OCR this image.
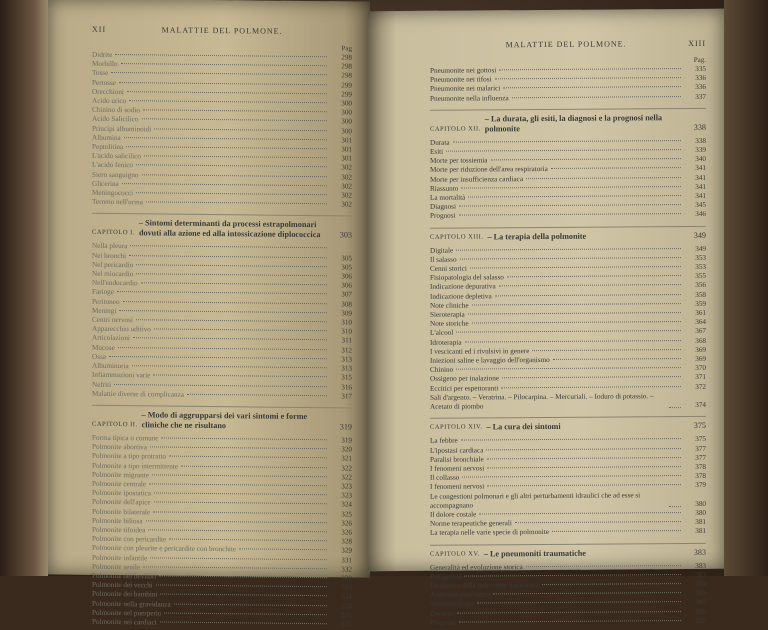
XII	MALATTIE DEL POLMONE.
Pag
Didrite	298
Morbillo	298
Tosse	298
Pertosse	299
Orecchioni	299
Acido urico	300
Chinino di sodio	300
Acido Salicilico	300
Principi albuminoidi	300
Albumina	301
Peptolitina	301
L'acido salicilico	301
L'acido fenico	302
Siero sanguigno	302
Glicerina	302
Meningococci	302
Terreno nell'urina	302
CAPITOLO I.
– Sintomi determinanti da processi estrapolmonari dovuti alla azione ed alla intossicazione diplococcica	303
Nella pleura
Nei bronchi	305
Nel pericardio	305
Nel miocardio	306
Nell'endocardio	306
Faringe	307
Peritoneo	308
Meningi	309
Centri nervosi	310
Apparecchio uditivo	310
Articolazioni	311
Mucose	312
Ossa	313
Albuminuria	313
Infiammazioni varie	315
Nefriti	316
Malattie diverse di complicanza	317
CAPITOLO II.
– Modo di aggrupparsi dei vari sintomi e forme cliniche che ne risultano	319
Forma tipica o comune	319
Polmonite abortiva	320
Polmonite a tipo protratto	321
Polmonite a tipo intermittente	322
Polmonite migrante	322
Polmonite centrale	323
Polmonite ipostatica	323
Polmonite dell'apice	324
Polmonite bilaterale	325
Polmonite biliosa	326
Polmonite tifoidea	326
Polmonite con pericardite	328
Polmonite con pleurite e pericardite con bronchite	329
Polmonite infantile	331
Polmonite senile	332
Polmonite dei bevitori	332
Polmonite dei vecchi	333
Polmonite dei bambini	334
Polmonite nella gravidanza	334
Polmonite nel puerperio	335
Polmonite nei cardiaci	335
MALATTIE DEL POLMONE.	XIII
Pag.
Pneumonite nei gottosi	335
Pneumonite nei tifosi	336
Pneumonite nei malarici	336
Pneumonite nella influenza	337
CAPITOLO XII.
– La durata, gli esiti, la diagnosi e la prognosi nella polmonite	338
Durata	338
Esiti	339
Morte per tossiemia	340
Morte per riduzione dell'area respiratoria	341
Morte per insufficienza cardiaca	341
Riassunto	341
La mortalità	341
Diagnosi	345
Prognosi	346
CAPITOLO XIII. – La terapia della polmonite	349
Digitale	349
Il salasso	353
Cenni storici	353
Fisiopatologia del salasso	355
Indicazione depurativa	356
Indicazione depletiva	358
Note cliniche	359
Sieroterapia	361
Note storiche	364
L'alcool	367
Idroterapia	368
I vescicanti ed i rivulsivi in genere	369
Iniezioni saline e lavaggio dell'organismo	369
Chinino	370
Ossigeno per inalazione	371
Eccitici per espettoranti	372
Sali d'argento. – Veratrina. – Pilocarpina. – Mercuriali. – Ioduro di potassio. – Acetato di piombo	374
CAPITOLO XIV. – La cura dei sintomi	375
La febbre	375
L'ipostasi cardiaca	377
Paralisi bronchiale	377
I fenomeni nervosi	378
Il collasso	378
I fenomeni nervosi	379
Le congestioni polmonari e gli altri perturbamenti idraulici che ad esse si accompagnano	380
Il dolore costale	380
Norme terapeutiche generali	381
La terapia nelle varie specie di polmonite	381
CAPITOLO XV. – Le pneumoniti traumatiche	383
Generalità ed evoluzione storica	383
Patogenesi	383
Frequenza della polmonite traumatica	384
Anatomia patologica	385
Sintomatologia	385
Decorso	386
Prognosi	386
